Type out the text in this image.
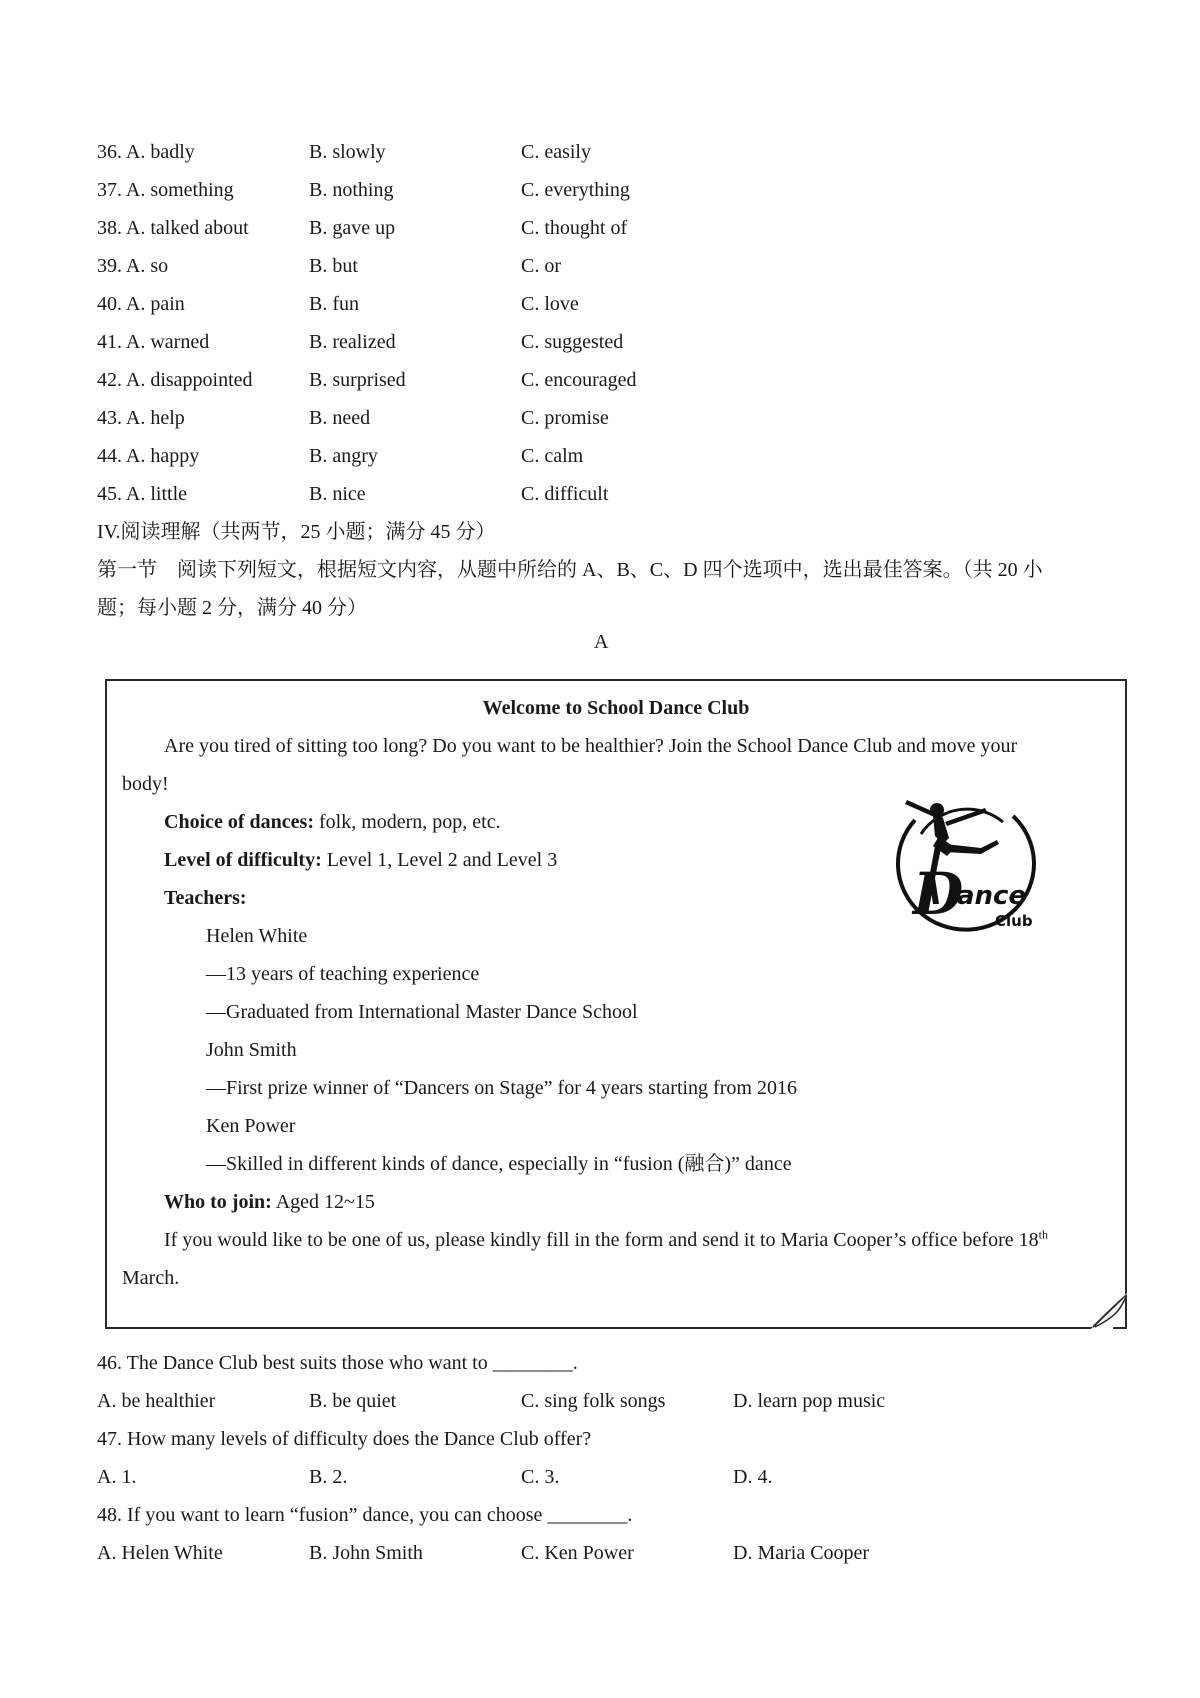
36. A. badly	B. slowly	C. easily
37. A. something	B. nothing	C. everything
38. A. talked about	B. gave up	C. thought of
39. A. so	B. but	C. or
40. A. pain	B. fun	C. love
41. A. warned	B. realized	C. suggested
42. A. disappointed	B. surprised	C. encouraged
43. A. help	B. need	C. promise
44. A. happy	B. angry	C. calm
45. A. little	B. nice	C. difficult
IV.阅读理解（共两节，25 小题；满分 45 分）
第一节　阅读下列短文，根据短文内容，从题中所给的 A、B、C、D 四个选项中，选出最佳答案。（共 20 小
题；每小题 2 分，满分 40 分）
A
Welcome to School Dance Club
Are you tired of sitting too long? Do you want to be healthier? Join the School Dance Club and move your
body!
Choice of dances: folk, modern, pop, etc.
Level of difficulty: Level 1, Level 2 and Level 3
Teachers:
Helen White
—13 years of teaching experience
—Graduated from International Master Dance School
John Smith
—First prize winner of “Dancers on Stage” for 4 years starting from 2016
Ken Power
—Skilled in different kinds of dance, especially in “fusion (融合)” dance
Who to join: Aged 12~15
If you would like to be one of us, please kindly fill in the form and send it to Maria Cooper’s office before 18th
March.
D
ance
Club
46. The Dance Club best suits those who want to ________.
A. be healthier	B. be quiet	C. sing folk songs	D. learn pop music
47. How many levels of difficulty does the Dance Club offer?
A. 1.	B. 2.	C. 3.	D. 4.
48. If you want to learn “fusion” dance, you can choose ________.
A. Helen White	B. John Smith	C. Ken Power	D. Maria Cooper
